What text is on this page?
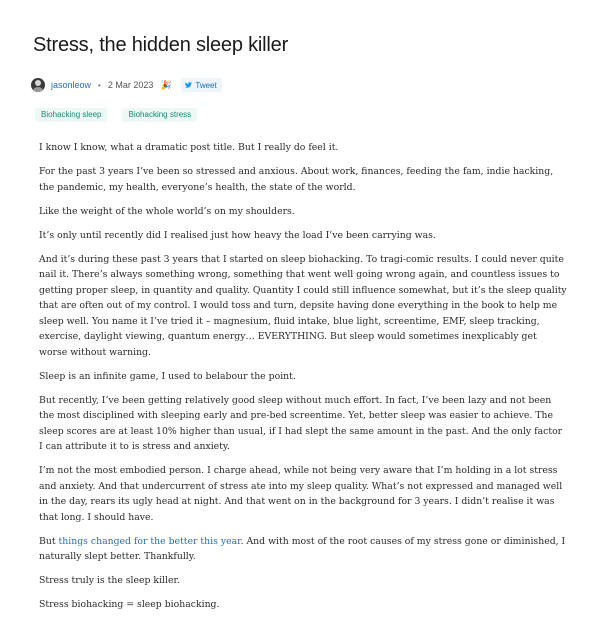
Stress, the hidden sleep killer
jasonleow • 2 Mar 2023 🎉	Tweet
Biohacking sleep	Biohacking stress

I know I know, what a dramatic post title. But I really do feel it.

For the past 3 years I’ve been so stressed and anxious. About work, finances, feeding the fam, indie hacking, the pandemic, my health, everyone’s health, the state of the world.

Like the weight of the whole world’s on my shoulders.

It’s only until recently did I realised just how heavy the load I’ve been carrying was.

And it’s during these past 3 years that I started on sleep biohacking. To tragi-comic results. I could never quite nail it. There’s always something wrong, something that went well going wrong again, and countless issues to getting proper sleep, in quantity and quality. Quantity I could still influence somewhat, but it’s the sleep quality that are often out of my control. I would toss and turn, depsite having done everything in the book to help me sleep well. You name it I’ve tried it – magnesium, fluid intake, blue light, screentime, EMF, sleep tracking, exercise, daylight viewing, quantum energy… EVERYTHING. But sleep would sometimes inexplicably get worse without warning.

Sleep is an infinite game, I used to belabour the point.

But recently, I’ve been getting relatively good sleep without much effort. In fact, I’ve been lazy and not been the most disciplined with sleeping early and pre-bed screentime. Yet, better sleep was easier to achieve. The sleep scores are at least 10% higher than usual, if I had slept the same amount in the past. And the only factor I can attribute it to is stress and anxiety.

I’m not the most embodied person. I charge ahead, while not being very aware that I’m holding in a lot stress and anxiety. And that undercurrent of stress ate into my sleep quality. What’s not expressed and managed well in the day, rears its ugly head at night. And that went on in the background for 3 years. I didn’t realise it was that long. I should have.

But things changed for the better this year. And with most of the root causes of my stress gone or diminished, I naturally slept better. Thankfully.

Stress truly is the sleep killer.

Stress biohacking = sleep biohacking.
